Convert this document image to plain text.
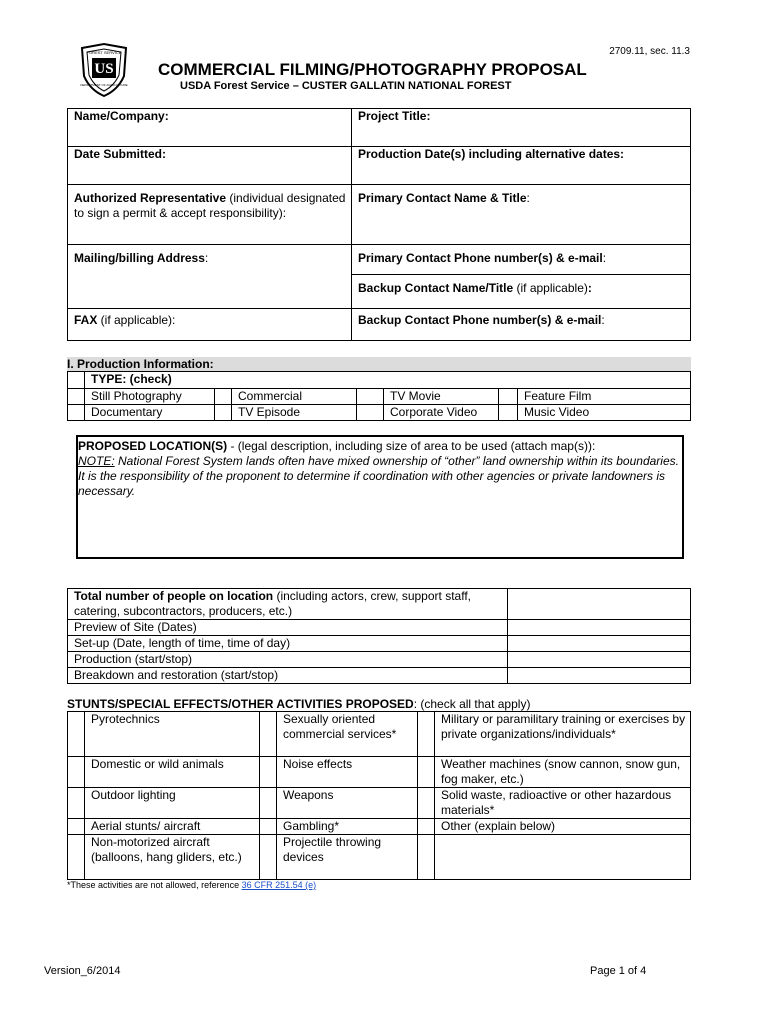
2709.11, sec. 11.3
US
FOREST SERVICE
DEPARTMENT OF AGRICULTURE
COMMERCIAL FILMING/PHOTOGRAPHY PROPOSAL
USDA Forest Service – CUSTER GALLATIN NATIONAL FOREST
Name/Company:	Project Title:
Date Submitted:	Production Date(s) including alternative dates:
Authorized Representative (individual designated to sign a permit & accept responsibility):	Primary Contact Name & Title:
Mailing/billing Address:	Primary Contact Phone number(s) & e-mail:
	Backup Contact Name/Title (if applicable):
FAX (if applicable):	Backup Contact Phone number(s) & e-mail:
I. Production Information:
	TYPE: (check)						
	Still Photography		Commercial		TV Movie		Feature Film
	Documentary		TV Episode		Corporate Video		Music Video
PROPOSED LOCATION(S) - (legal description, including size of area to be used (attach map(s)):
NOTE: National Forest System lands often have mixed ownership of “other” land ownership within its boundaries. It is the responsibility of the proponent to determine if coordination with other agencies or private landowners is necessary.
Total number of people on location (including actors, crew, support staff, catering, subcontractors, producers, etc.)	
Preview of Site (Dates)	
Set-up (Date, length of time, time of day)	
Production (start/stop)	
Breakdown and restoration (start/stop)	
STUNTS/SPECIAL EFFECTS/OTHER ACTIVITIES PROPOSED: (check all that apply)
	Pyrotechnics		Sexually oriented commercial services*		Military or paramilitary training or exercises by private organizations/individuals*
	Domestic or wild animals		Noise effects		Weather machines (snow cannon, snow gun, fog maker, etc.)
	Outdoor lighting		Weapons		Solid waste, radioactive or other hazardous materials*
	Aerial stunts/ aircraft		Gambling*		Other (explain below)
	Non-motorized aircraft (balloons, hang gliders, etc.)		Projectile throwing devices		
*These activities are not allowed, reference 36 CFR 251.54 (e)
Version_6/2014	Page 1 of 4
